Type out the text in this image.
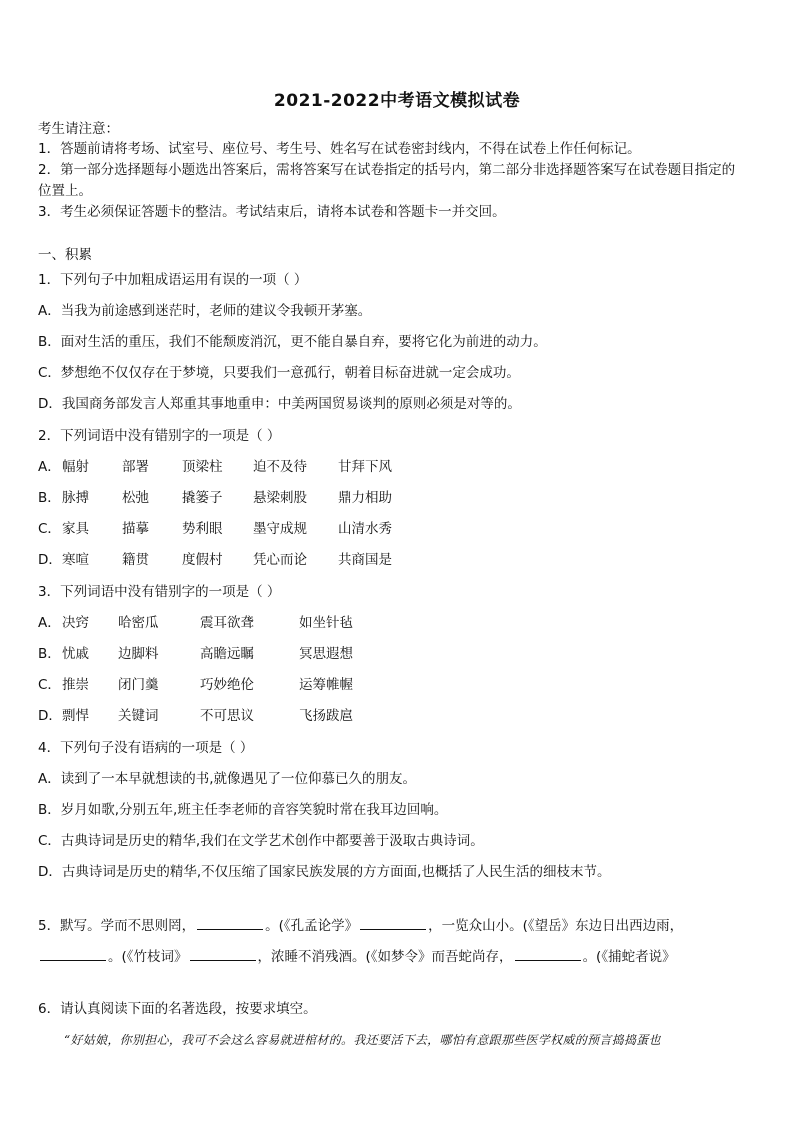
2021-2022中考语文模拟试卷
考生请注意：
1．答题前请将考场、试室号、座位号、考生号、姓名写在试卷密封线内，不得在试卷上作任何标记。
2．第一部分选择题每小题选出答案后，需将答案写在试卷指定的括号内，第二部分非选择题答案写在试卷题目指定的
位置上。
3．考生必须保证答题卡的整洁。考试结束后，请将本试卷和答题卡一并交回。
一、积累
1．下列句子中加粗成语运用有误的一项（ ）
A．当我为前途感到迷茫时，老师的建议令我顿开茅塞。
B．面对生活的重压，我们不能颓废消沉，更不能自暴自弃，要将它化为前进的动力。
C．梦想绝不仅仅存在于梦境，只要我们一意孤行，朝着目标奋进就一定会成功。
D．我国商务部发言人郑重其事地重申：中美两国贸易谈判的原则必须是对等的。
2．下列词语中没有错别字的一项是（ ）
A．幅射 部署 顶梁柱 迫不及待 甘拜下风
B．脉搏 松弛 撬篓子 悬梁刺股 鼎力相助
C．家具 描摹 势利眼 墨守成规 山清水秀
D．寒喧 籍贯 度假村 凭心而论 共商国是
3．下列词语中没有错别字的一项是（ ）
A．决窍 哈密瓜	震耳欲聋	如坐针毡
B．忧戚 边脚料	高瞻远瞩	冥思遐想
C．推崇 闭门羹	巧妙绝伦	运筹帷幄
D．剽悍 关键词	不可思议	飞扬跋扈
4．下列句子没有语病的一项是（ ）
A．读到了一本早就想读的书,就像遇见了一位仰慕已久的朋友。
B．岁月如歌,分别五年,班主任李老师的音容笑貌时常在我耳边回响。
C．古典诗词是历史的精华,我们在文学艺术创作中都要善于汲取古典诗词。
D．古典诗词是历史的精华,不仅压缩了国家民族发展的方方面面,也概括了人民生活的细枝末节。
5．默写。学而不思则罔，	。(《孔孟论学》	，一览众山小。(《望岳》东边日出西边雨，
。(《竹枝词》	，浓睡不消残酒。(《如梦令》而吾蛇尚存，	。(《捕蛇者说》
6．请认真阅读下面的名著选段，按要求填空。
“好姑娘，你别担心，我可不会这么容易就进棺材的。我还要活下去，哪怕有意跟那些医学权威的预言捣捣蛋也
